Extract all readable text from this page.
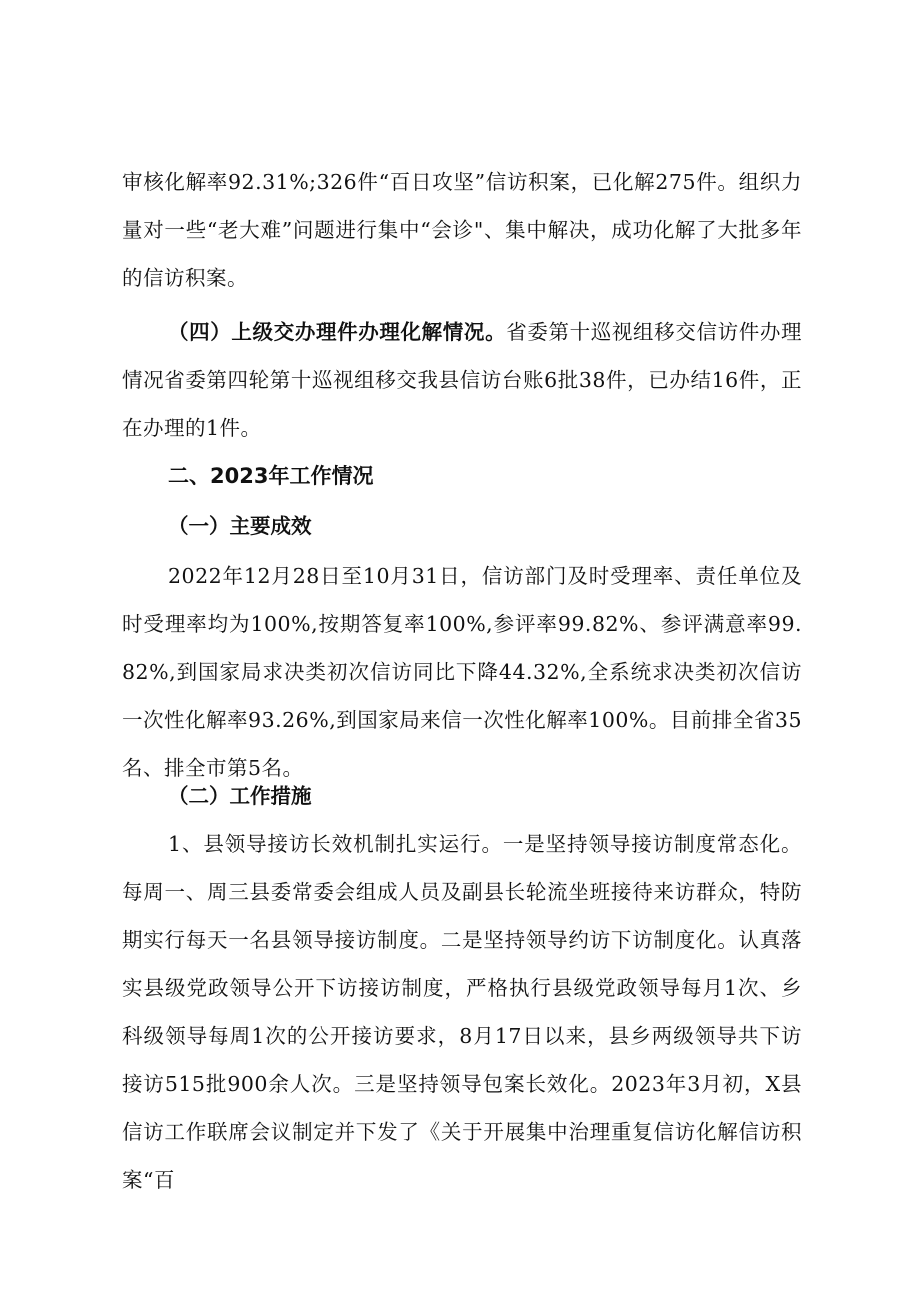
审核化解率92.31%;326件“百日攻坚”信访积案，已化解275件。组织力量对一些“老大难”问题进行集中“会诊"、集中解决，成功化解了大批多年的信访积案。

（四）上级交办理件办理化解情况。省委第十巡视组移交信访件办理情况省委第四轮第十巡视组移交我县信访台账6批38件，已办结16件，正在办理的1件。

二、2023年工作情况
（一）主要成效

2022年12月28日至10月31日，信访部门及时受理率、责任单位及时受理率均为100%,按期答复率100%,参评率99.82%、参评满意率99.82%,到国家局求决类初次信访同比下降44.32%,全系统求决类初次信访一次性化解率93.26%,到国家局来信一次性化解率100%。目前排全省35名、排全市第5名。

（二）工作措施

1、县领导接访长效机制扎实运行。一是坚持领导接访制度常态化。每周一、周三县委常委会组成人员及副县长轮流坐班接待来访群众，特防期实行每天一名县领导接访制度。二是坚持领导约访下访制度化。认真落实县级党政领导公开下访接访制度，严格执行县级党政领导每月1次、乡科级领导每周1次的公开接访要求，8月17日以来，县乡两级领导共下访接访515批900余人次。三是坚持领导包案长效化。2023年3月初，X县信访工作联席会议制定并下发了《关于开展集中治理重复信访化解信访积案“百
